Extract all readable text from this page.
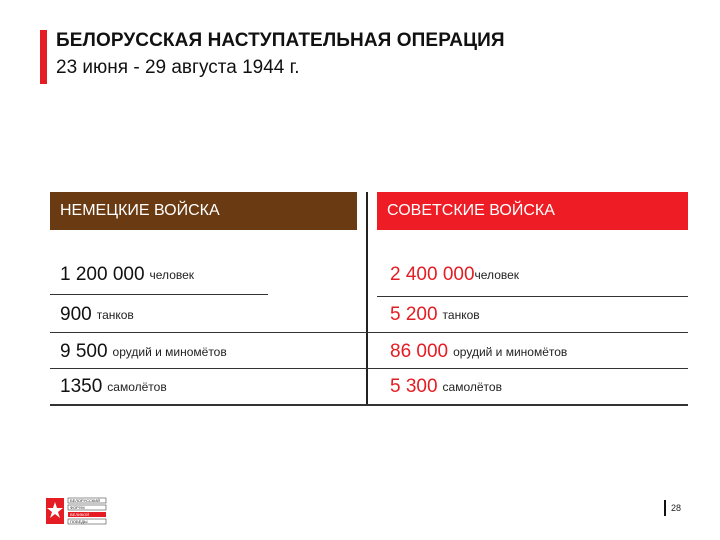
БЕЛОРУССКАЯ НАСТУПАТЕЛЬНАЯ ОПЕРАЦИЯ
23 июня - 29 августа 1944 г.
НЕМЕЦКИЕ ВОЙСКА	СОВЕТСКИЕ ВОЙСКА
1 200 000 человек	2 400 000 человек
900 танков	5 200 танков
9 500 орудий и миномётов	86 000 орудий и миномётов
1350 самолётов	5 300 самолётов
БЕЛОРУССКИЙ
ФОРУМ
ВЕЛИКОЙ
ПОБЕДЫ
28
